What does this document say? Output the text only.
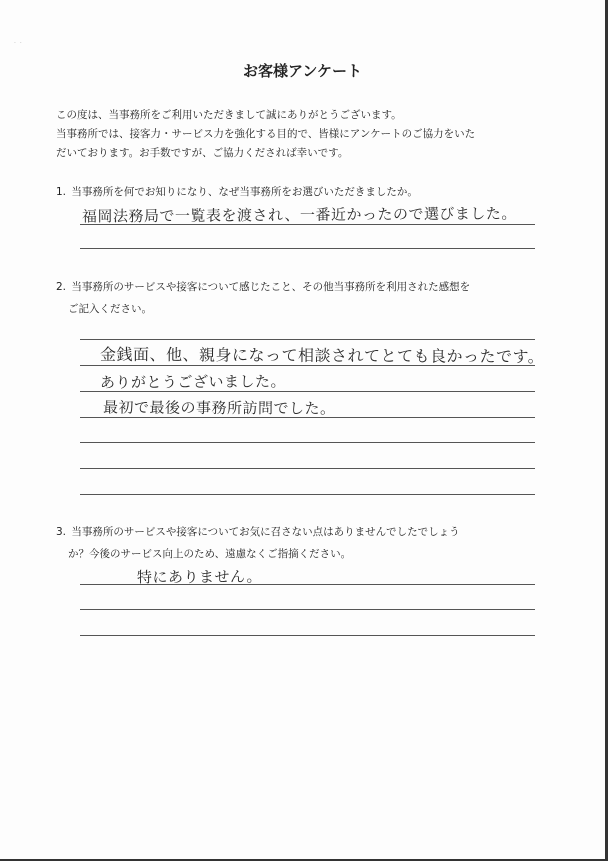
· ·
お客様アンケート
この度は、当事務所をご利用いただきまして誠にありがとうございます。
当事務所では、接客力・サービス力を強化する目的で、皆様にアンケートのご協力をいた
だいております。お手数ですが、ご協力くだされば幸いです。
1. 当事務所を何でお知りになり、なぜ当事務所をお選びいただきましたか。
福岡法務局で一覧表を渡され、一番近かったので選びました。
2. 当事務所のサービスや接客について感じたこと、その他当事務所を利用された感想を
ご記入ください。
金銭面、他、親身になって相談されてとても良かったです。
ありがとうございました。
最初で最後の事務所訪問でした。
3. 当事務所のサービスや接客についてお気に召さない点はありませんでしたでしょう
か？今後のサービス向上のため、遠慮なくご指摘ください。
特にありません。
